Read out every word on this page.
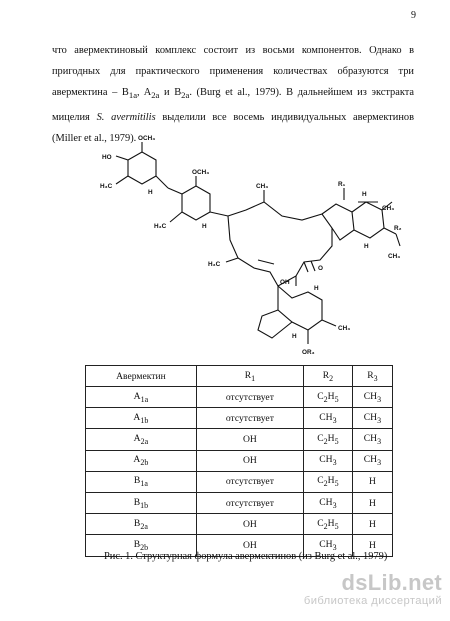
9
что авермектиновый комплекс состоит из восьми компонентов. Однако в
пригодных для практического применения количествах образуются три
авермектина – $B_{1a}$, $A_{2a}$ и $B_{2a}$. (Burg et al., 1979). В дальнейшем из экстракта
мицелия S. avermitilis выделили все восемь индивидуальных авермектинов
(Miller et al., 1979). OCH₃
HO
H₃C
H
OCH₃
H₃C	H
CH₃
H₃C
R₁
H
CH₃
R₂
H
CH₃
O
OH
H
CH₃
H
OR₃
Авермектин	$R_1$	$R_2$	$R_3$
$A_{1a}$	отсутствует	$C_2H_5$	$CH_3$
$A_{1b}$	отсутствует	$CH_3$	$CH_3$
$A_{2a}$	OH	$C_2H_5$	$CH_3$
$A_{2b}$	OH	$CH_3$	$CH_3$
$B_{1a}$	отсутствует	$C_2H_5$	H
$B_{1b}$	отсутствует	$CH_3$	H
$B_{2a}$	OH	$C_2H_5$	H
$B_{2b}$	OH	$CH_3$	H
Рис. 1. Структурная формула авермектинов (из Burg et al., 1979)
dsLib.net
библиотека диссертаций
